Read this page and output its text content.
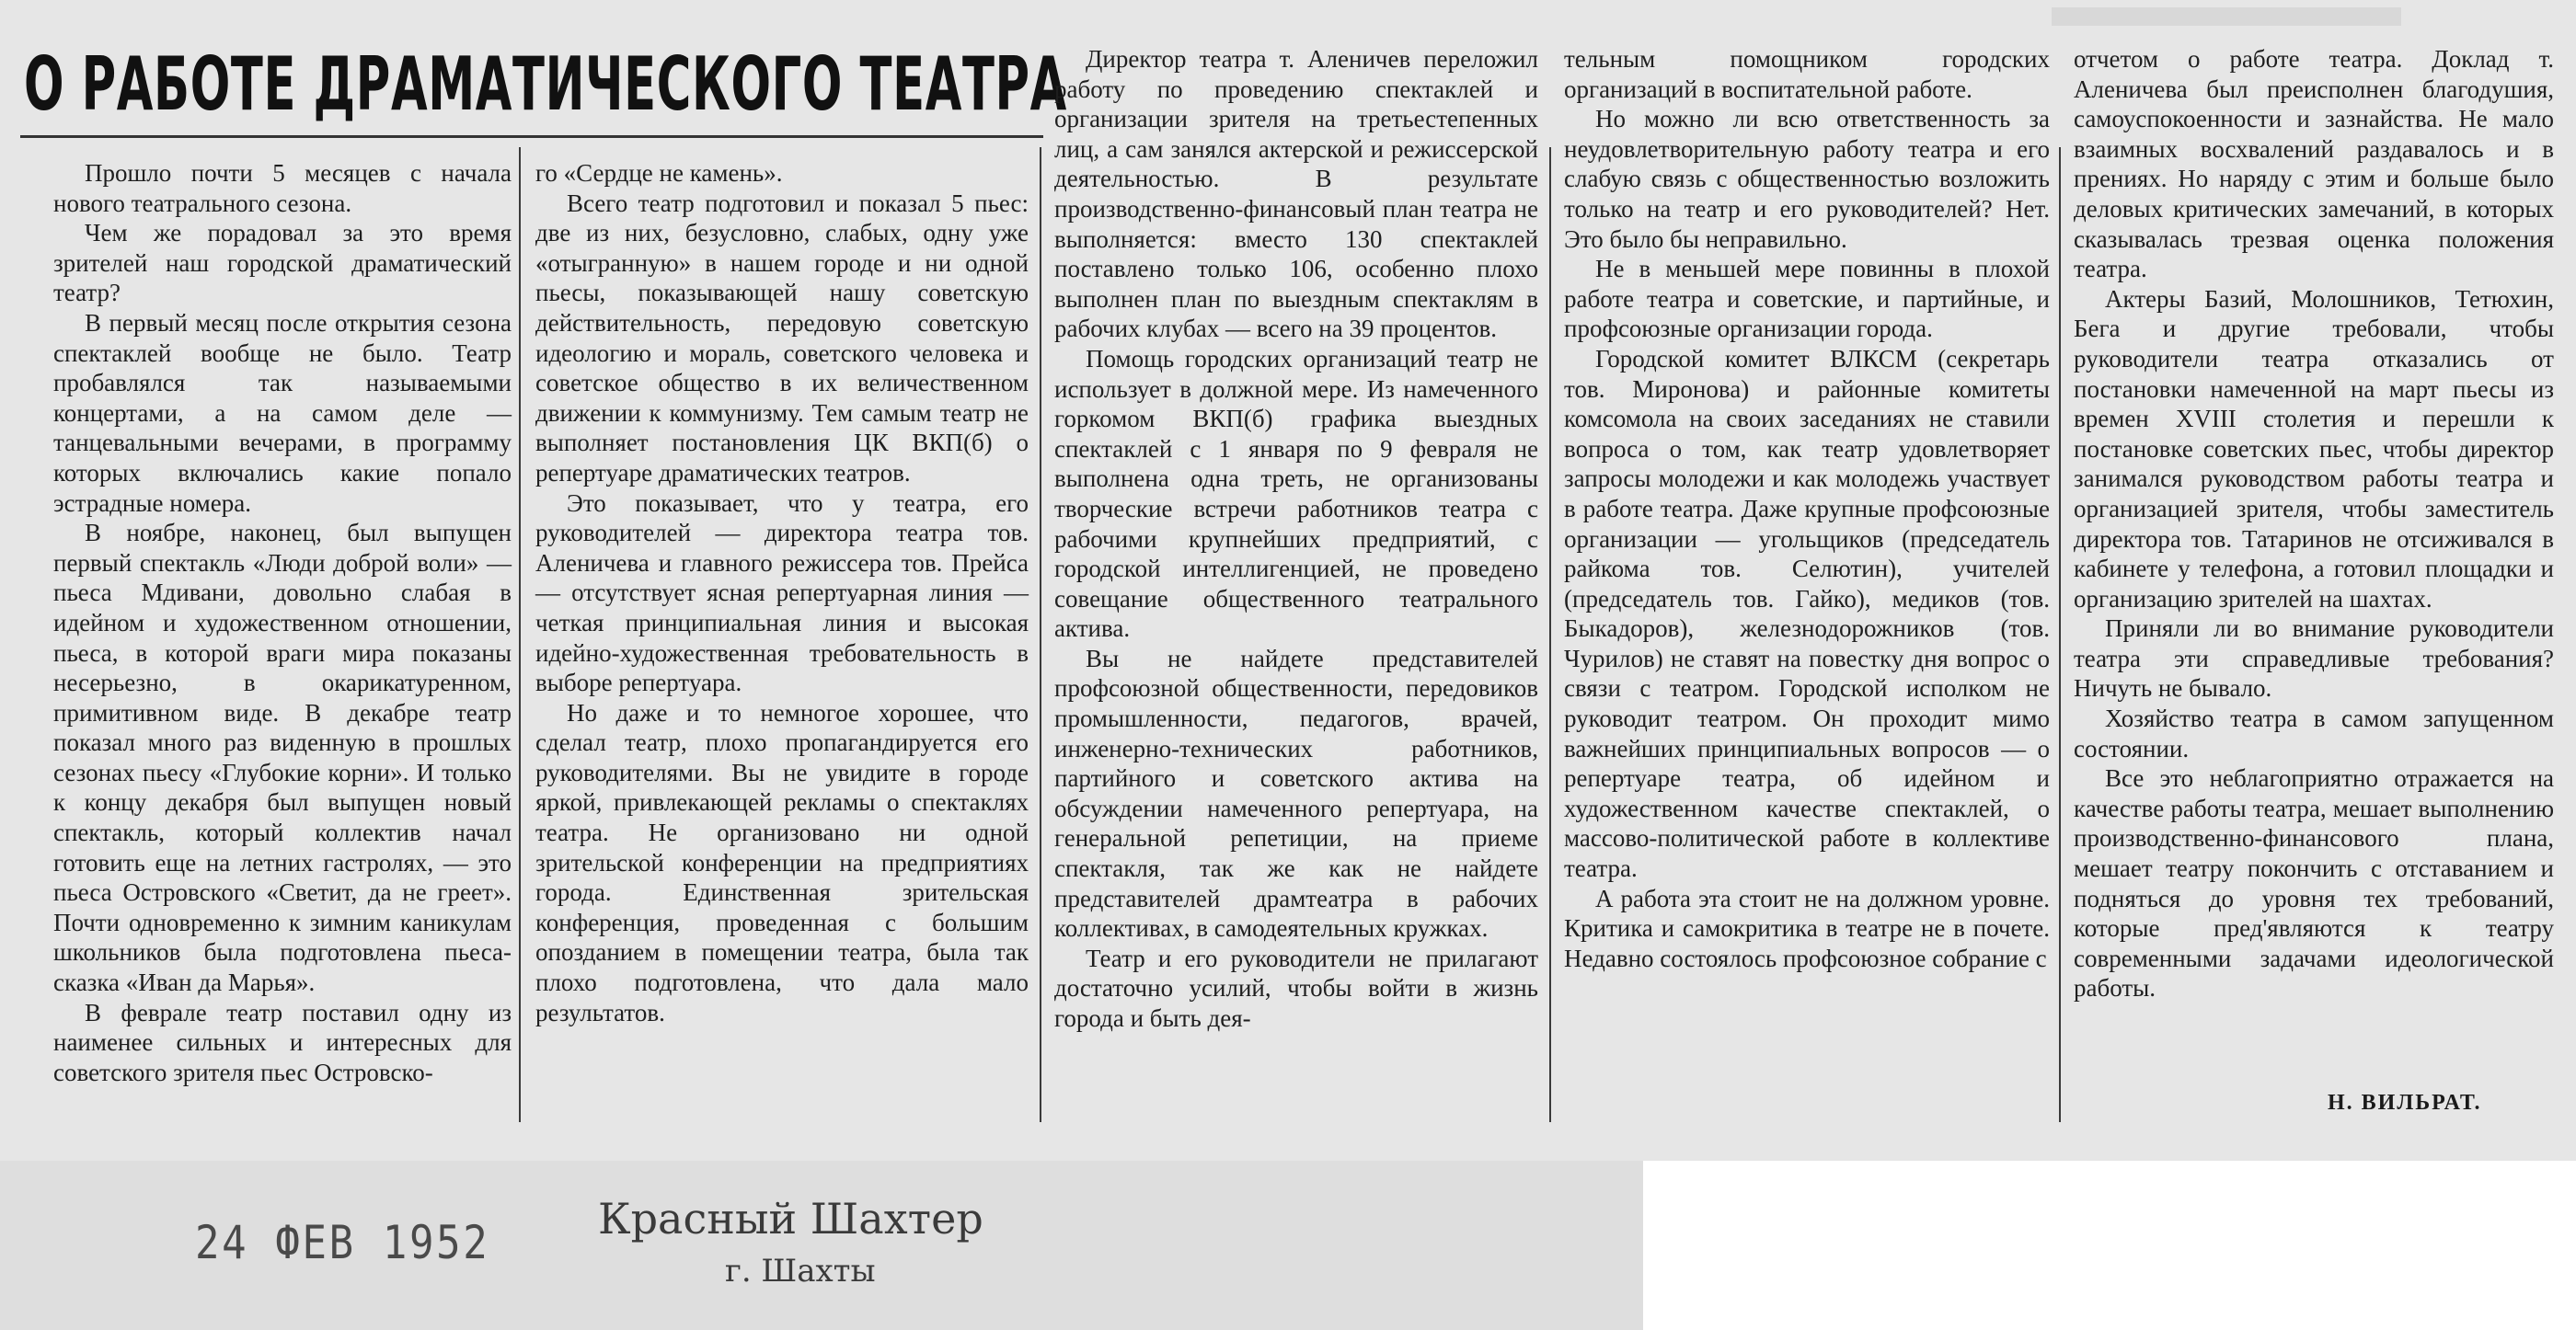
О РАБОТЕ ДРАМАТИЧЕСКОГО ТЕАТРА

Прошло почти 5 месяцев с начала нового театрального сезона.

Чем же порадовал за это время зрителей наш городской драматический театр?

В первый месяц после открытия сезона спектаклей вообще не было. Театр пробавлялся так называемыми концертами, а на самом деле — танцевальными вечерами, в программу которых включались какие попало эстрадные номера.

В ноябре, наконец, был выпущен первый спектакль «Люди доброй воли» — пьеса Мдивани, довольно слабая в идейном и художественном отношении, пьеса, в которой враги мира показаны несерьезно, в окарикатуренном, примитивном виде. В декабре театр показал много раз виденную в прошлых сезонах пьесу «Глубокие корни». И только к концу декабря был выпущен новый спектакль, который коллектив начал готовить еще на летних гастролях, — это пьеса Островского «Светит, да не греет». Почти одновременно к зимним каникулам школьников была подготовлена пьеса-сказка «Иван да Марья».

В феврале театр поставил одну из наименее сильных и интересных для советского зрителя пьес Островско-

го «Сердце не камень».

Всего театр подготовил и показал 5 пьес: две из них, безусловно, слабых, одну уже «отыгранную» в нашем городе и ни одной пьесы, показывающей нашу советскую действительность, передовую советскую идеологию и мораль, советского человека и советское общество в их величественном движении к коммунизму. Тем самым театр не выполняет постановления ЦК ВКП(б) о репертуаре драматических театров.

Это показывает, что у театра, его руководителей — директора театра тов. Аленичева и главного режиссера тов. Прейса — отсутствует ясная репертуарная линия — четкая принципиальная линия и высокая идейно-художественная требовательность в выборе репертуара.

Но даже и то немногое хорошее, что сделал театр, плохо пропагандируется его руководителями. Вы не увидите в городе яркой, привлекающей рекламы о спектаклях театра. Не организовано ни одной зрительской конференции на предприятиях города. Единственная зрительская конференция, проведенная с большим опозданием в помещении театра, была так плохо подготовлена, что дала мало результатов.

Директор театра т. Аленичев переложил работу по проведению спектаклей и организации зрителя на третьестепенных лиц, а сам занялся актерской и режиссерской деятельностью. В результате производственно-финансовый план театра не выполняется: вместо 130 спектаклей поставлено только 106, особенно плохо выполнен план по выездным спектаклям в рабочих клубах — всего на 39 процентов.

Помощь городских организаций театр не использует в должной мере. Из намеченного горкомом ВКП(б) графика выездных спектаклей с 1 января по 9 февраля не выполнена одна треть, не организованы творческие встречи работников театра с рабочими крупнейших предприятий, с городской интеллигенцией, не проведено совещание общественного театрального актива.

Вы не найдете представителей профсоюзной общественности, передовиков промышленности, педагогов, врачей, инженерно-технических работников, партийного и советского актива на обсуждении намеченного репертуара, на генеральной репетиции, на приеме спектакля, так же как не найдете представителей драмтеатра в рабочих коллективах, в самодеятельных кружках.

Театр и его руководители не прилагают достаточно усилий, чтобы войти в жизнь города и быть дея-

тельным помощником городских организаций в воспитательной работе.

Но можно ли всю ответственность за неудовлетворительную работу театра и его слабую связь с общественностью возложить только на театр и его руководителей? Нет. Это было бы неправильно.

Не в меньшей мере повинны в плохой работе театра и советские, и партийные, и профсоюзные организации города.

Городской комитет ВЛКСМ (секретарь тов. Миронова) и районные комитеты комсомола на своих заседаниях не ставили вопроса о том, как театр удовлетворяет запросы молодежи и как молодежь участвует в работе театра. Даже крупные профсоюзные организации — угольщиков (председатель райкома тов. Селютин), учителей (председатель тов. Гайко), медиков (тов. Быкадоров), железнодорожников (тов. Чурилов) не ставят на повестку дня вопрос о связи с театром. Городской исполком не руководит театром. Он проходит мимо важнейших принципиальных вопросов — о репертуаре театра, об идейном и художественном качестве спектаклей, о массово-политической работе в коллективе театра.

А работа эта стоит не на должном уровне. Критика и самокритика в театре не в почете. Недавно состоялось профсоюзное собрание с

отчетом о работе театра. Доклад т. Аленичева был преисполнен благодушия, самоуспокоенности и зазнайства. Не мало взаимных восхвалений раздавалось и в прениях. Но наряду с этим и больше было деловых критических замечаний, в которых сказывалась трезвая оценка положения театра.

Актеры Базий, Молошников, Тетюхин, Бега и другие требовали, чтобы руководители театра отказались от постановки намеченной на март пьесы из времен XVIII столетия и перешли к постановке советских пьес, чтобы директор занимался руководством работы театра и организацией зрителя, чтобы заместитель директора тов. Татаринов не отсиживался в кабинете у телефона, а готовил площадки и организацию зрителей на шахтах.

Приняли ли во внимание руководители театра эти справедливые требования? Ничуть не бывало.

Хозяйство театра в самом запущенном состоянии.

Все это неблагоприятно отражается на качестве работы театра, мешает выполнению производственно-финансового плана, мешает театру покончить с отставанием и подняться до уровня тех требований, которые пред'являются к театру современными задачами идеологической работы.

Н. ВИЛЬРАТ.
24 ФЕВ 1952	Красный Шахтер
г. Шахты
